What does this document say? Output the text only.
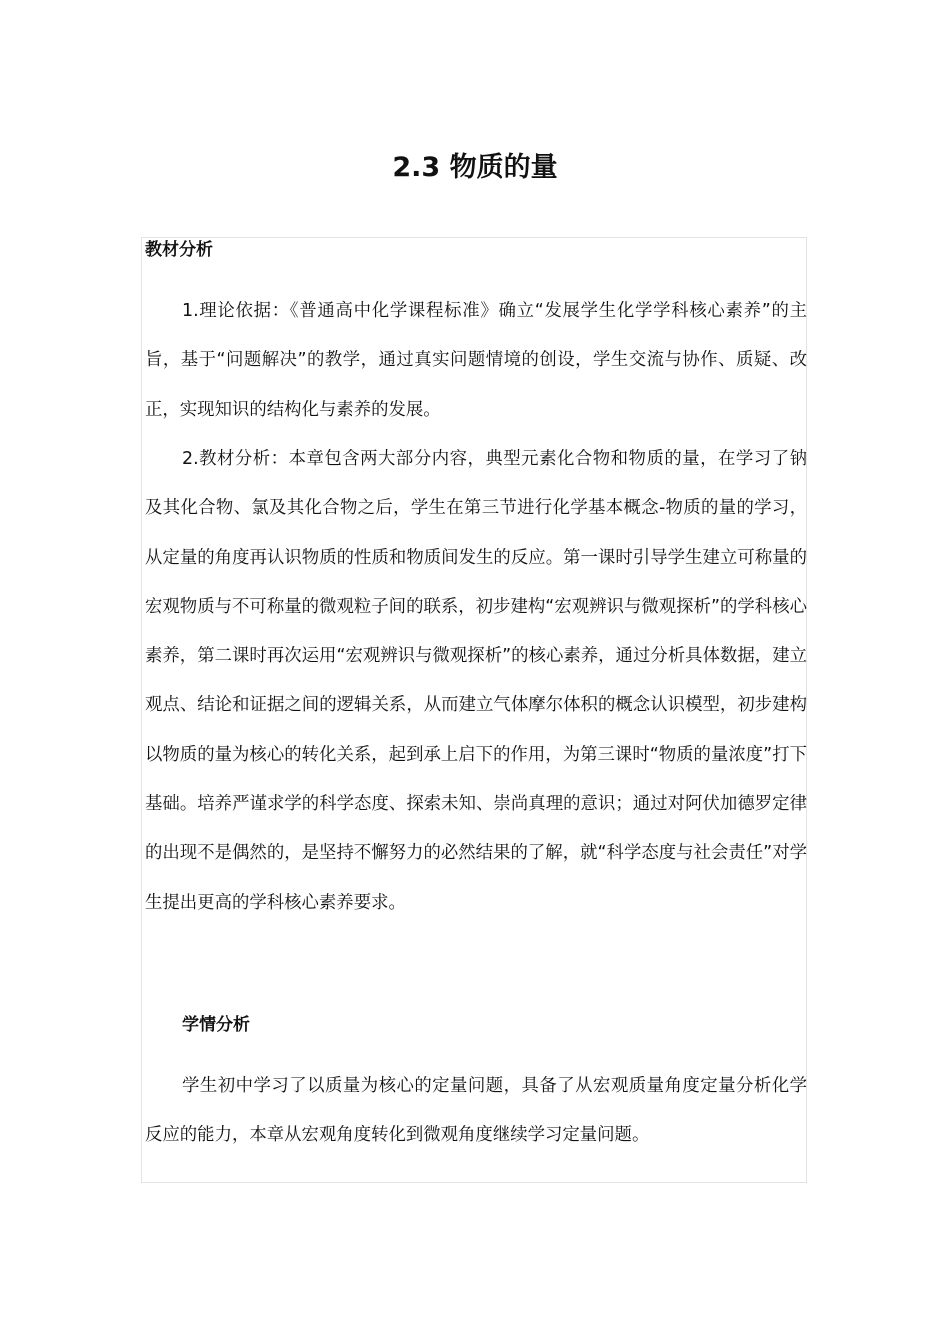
2.3 物质的量
教材分析

1.理论依据：《普通高中化学课程标准》确立“发展学生化学学科核心素养”的主旨，基于“问题解决”的教学，通过真实问题情境的创设，学生交流与协作、质疑、改正，实现知识的结构化与素养的发展。

2.教材分析：本章包含两大部分内容，典型元素化合物和物质的量，在学习了钠及其化合物、氯及其化合物之后，学生在第三节进行化学基本概念-物质的量的学习，从定量的角度再认识物质的性质和物质间发生的反应。第一课时引导学生建立可称量的宏观物质与不可称量的微观粒子间的联系，初步建构“宏观辨识与微观探析”的学科核心素养，第二课时再次运用“宏观辨识与微观探析”的核心素养，通过分析具体数据，建立观点、结论和证据之间的逻辑关系，从而建立气体摩尔体积的概念认识模型，初步建构以物质的量为核心的转化关系，起到承上启下的作用，为第三课时“物质的量浓度”打下基础。培养严谨求学的科学态度、探索未知、崇尚真理的意识；通过对阿伏加德罗定律的出现不是偶然的，是坚持不懈努力的必然结果的了解，就“科学态度与社会责任”对学生提出更高的学科核心素养要求。

学情分析

学生初中学习了以质量为核心的定量问题，具备了从宏观质量角度定量分析化学反应的能力，本章从宏观角度转化到微观角度继续学习定量问题。
